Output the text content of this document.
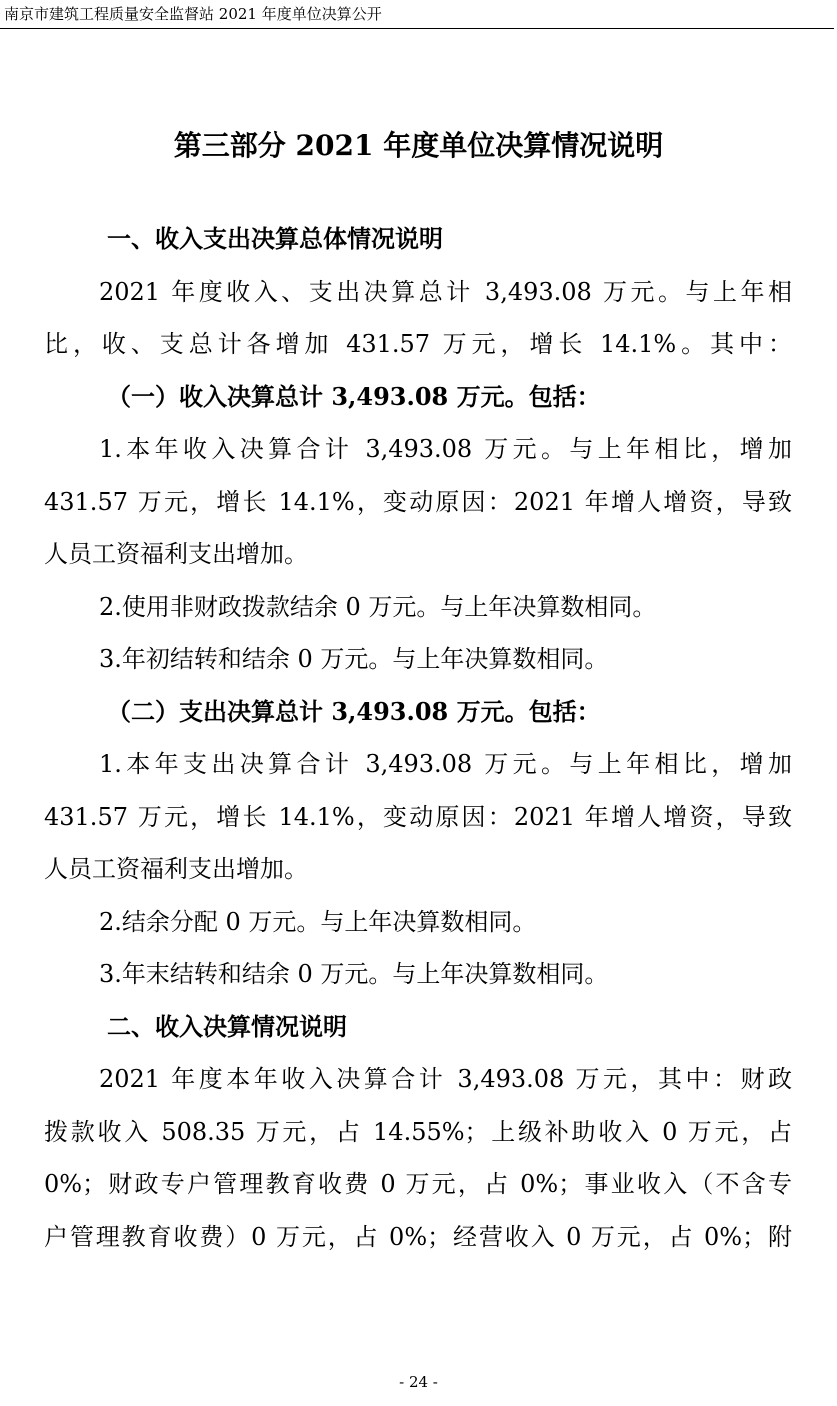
南京市建筑工程质量安全监督站 2021 年度单位决算公开
第三部分 2021 年度单位决算情况说明
一、收入支出决算总体情况说明
2021 年度收入、支出决算总计 3,493.08 万元。与上年相
比，收、支总计各增加 431.57 万元，增长 14.1%。其中：
（一）收入决算总计 3,493.08 万元。包括：
1.本年收入决算合计 3,493.08 万元。与上年相比，增加
431.57 万元，增长 14.1%，变动原因：2021 年增人增资，导致
人员工资福利支出增加。
2.使用非财政拨款结余 0 万元。与上年决算数相同。
3.年初结转和结余 0 万元。与上年决算数相同。
（二）支出决算总计 3,493.08 万元。包括：
1.本年支出决算合计 3,493.08 万元。与上年相比，增加
431.57 万元，增长 14.1%，变动原因：2021 年增人增资，导致
人员工资福利支出增加。
2.结余分配 0 万元。与上年决算数相同。
3.年末结转和结余 0 万元。与上年决算数相同。
二、收入决算情况说明
2021 年度本年收入决算合计 3,493.08 万元，其中：财政
拨款收入 508.35 万元，占 14.55%；上级补助收入 0 万元，占
0%；财政专户管理教育收费 0 万元，占 0%；事业收入（不含专
户管理教育收费）0 万元，占 0%；经营收入 0 万元，占 0%；附
- 24 -
